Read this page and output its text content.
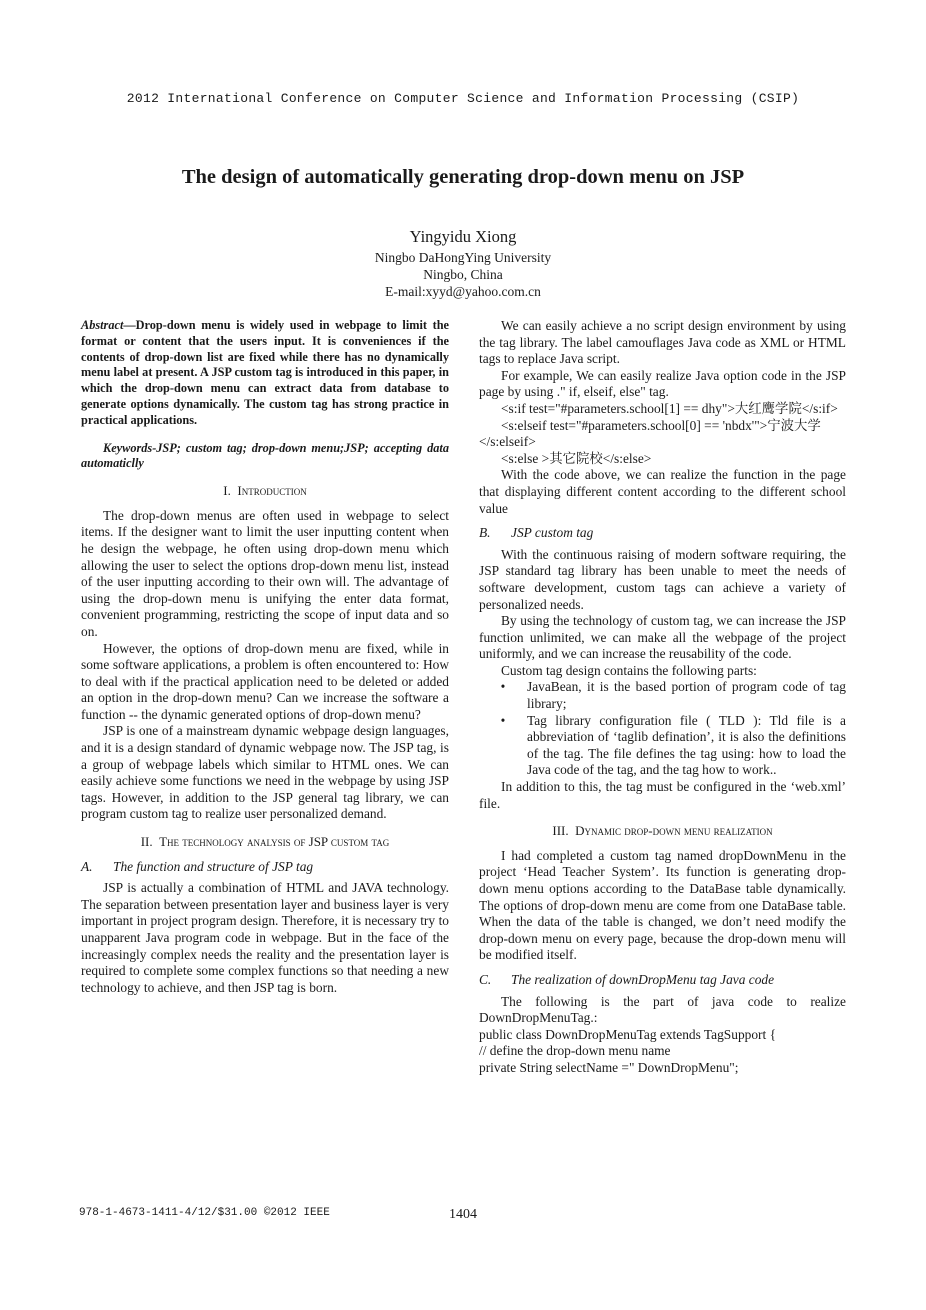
2012 International Conference on Computer Science and Information Processing (CSIP)
The design of automatically generating drop-down menu on JSP
Yingyidu Xiong
Ningbo DaHongYing University
Ningbo, China
E-mail:xyyd@yahoo.com.cn

Abstract—Drop-down menu is widely used in webpage to limit the format or content that the users input. It is conveniences if the contents of drop-down list are fixed while there has no dynamically menu label at present. A JSP custom tag is introduced in this paper, in which the drop-down menu can extract data from database to generate options dynamically. The custom tag has strong practice in practical applications.

Keywords-JSP; custom tag; drop-down menu;JSP; accepting data automaticlly

I. Introduction

The drop-down menus are often used in webpage to select items. If the designer want to limit the user inputting content when he design the webpage, he often using drop-down menu which allowing the user to select the options drop-down menu list, instead of the user inputting according to their own will. The advantage of using the drop-down menu is unifying the enter data format, convenient programming, restricting the scope of input data and so on.

However, the options of drop-down menu are fixed, while in some software applications, a problem is often encountered to: How to deal with if the practical application need to be deleted or added an option in the drop-down menu? Can we increase the software a function -- the dynamic generated options of drop-down menu?

JSP is one of a mainstream dynamic webpage design languages, and it is a design standard of dynamic webpage now. The JSP tag, is a group of webpage labels which similar to HTML ones. We can easily achieve some functions we need in the webpage by using JSP tags. However, in addition to the JSP general tag library, we can program custom tag to realize user personalized demand.

II. The technology analysis of JSP custom tag
A. The function and structure of JSP tag

JSP is actually a combination of HTML and JAVA technology. The separation between presentation layer and business layer is very important in project program design. Therefore, it is necessary try to unapparent Java program code in webpage. But in the face of the increasingly complex needs the reality and the presentation layer is required to complete some complex functions so that needing a new technology to achieve, and then JSP tag is born.

We can easily achieve a no script design environment by using the tag library. The label camouflages Java code as XML or HTML tags to replace Java script.

For example, We can easily realize Java option code in the JSP page by using ." if, elseif, else" tag.

<s:if test="#parameters.school[1] == dhy">大红鹰学院</s:if>

<s:elseif test="#parameters.school[0] == 'nbdx'">宁波大学</s:elseif>

<s:else >其它院校</s:else>

With the code above, we can realize the function in the page that displaying different content according to the different school value

B. JSP custom tag

With the continuous raising of modern software requiring, the JSP standard tag library has been unable to meet the needs of software development, custom tags can achieve a variety of personalized needs.

By using the technology of custom tag, we can increase the JSP function unlimited, we can make all the webpage of the project uniformly, and we can increase the reusability of the code.

Custom tag design contains the following parts:

•	JavaBean, it is the based portion of program code of tag library;
•	Tag library configuration file ( TLD ): Tld file is a abbreviation of ‘taglib defination’, it is also the definitions of the tag. The file defines the tag using: how to load the Java code of the tag, and the tag how to work..

In addition to this, the tag must be configured in the ‘web.xml’ file.

III. Dynamic drop-down menu realization

I had completed a custom tag named dropDownMenu in the project ‘Head Teacher System’. Its function is generating drop-down menu options according to the DataBase table dynamically. The options of drop-down menu are come from one DataBase table. When the data of the table is changed, we don’t need modify the drop-down menu on every page, because the drop-down menu will be modified itself.

C. The realization of downDropMenu tag Java code

The following is the part of java code to realize DownDropMenuTag.:

public class DownDropMenuTag extends TagSupport {

// define the drop-down menu name

private String selectName =" DownDropMenu";

978-1-4673-1411-4/12/$31.00 ©2012 IEEE	1404
